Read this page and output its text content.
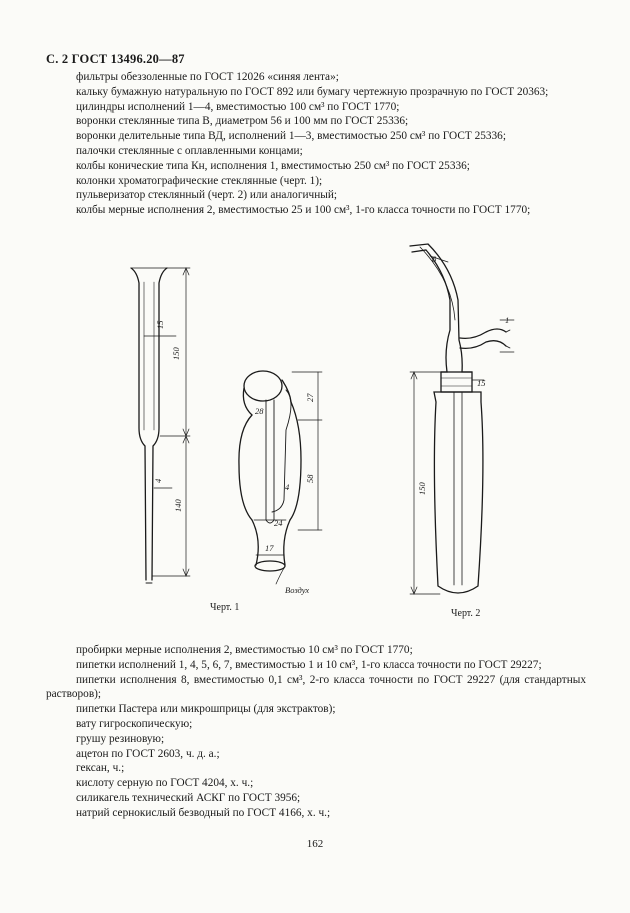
С. 2 ГОСТ 13496.20—87

фильтры обеззоленные по ГОСТ 12026 «синяя лента»;

кальку бумажную натуральную по ГОСТ 892 или бумагу чертежную прозрачную по ГОСТ 20363;

цилиндры исполнений 1—4, вместимостью 100 см³ по ГОСТ 1770;

воронки стеклянные типа В, диаметром 56 и 100 мм по ГОСТ 25336;

воронки делительные типа ВД, исполнений 1—3, вместимостью 250 см³ по ГОСТ 25336;

палочки стеклянные с оплавленными концами;

колбы конические типа Кн, исполнения 1, вместимостью 250 см³ по ГОСТ 25336;

колонки хроматографические стеклянные (черт. 1);

пульверизатор стеклянный (черт. 2) или аналогичный;

колбы мерные исполнения 2, вместимостью 25 и 100 см³, 1-го класса точности по ГОСТ 1770;

15
150
4
140
27
28
58
4
24
17
Воздух
8
1
15
150
Черт. 1
Черт. 2

пробирки мерные исполнения 2, вместимостью 10 см³ по ГОСТ 1770;

пипетки исполнений 1, 4, 5, 6, 7, вместимостью 1 и 10 см³, 1-го класса точности по ГОСТ 29227;

пипетки исполнения 8, вместимостью 0,1 см³, 2-го класса точности по ГОСТ 29227 (для стандартных растворов);

пипетки Пастера или микрошприцы (для экстрактов);

вату гигроскопическую;

грушу резиновую;

ацетон по ГОСТ 2603, ч. д. а.;

гексан, ч.;

кислоту серную по ГОСТ 4204, х. ч.;

силикагель технический АСКГ по ГОСТ 3956;

натрий сернокислый безводный по ГОСТ 4166, х. ч.;

162
